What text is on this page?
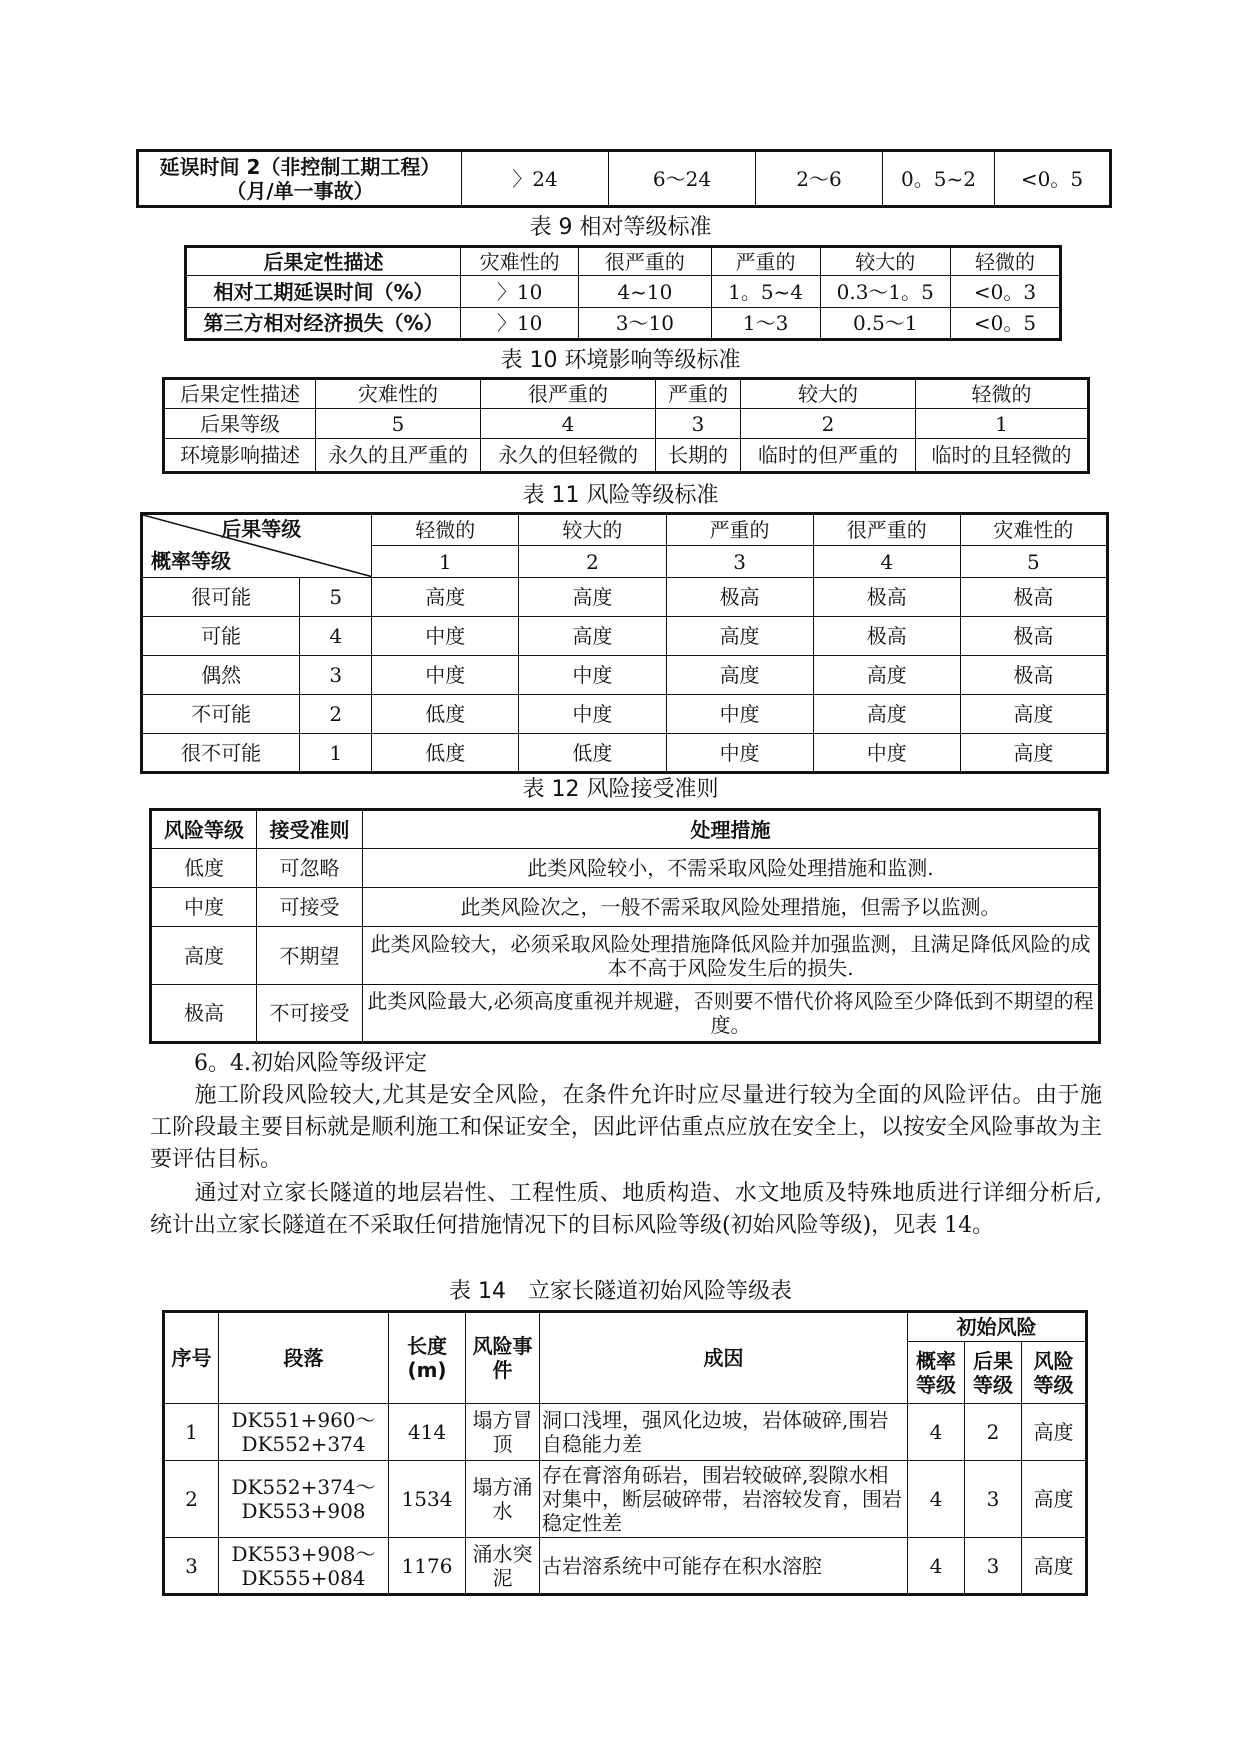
延误时间 2（非控制工期工程）
（月/单一事故）	〉24	6～24	2～6	0。5~2	<0。5
表 9 相对等级标准
后果定性描述	灾难性的	很严重的	严重的	较大的	轻微的
相对工期延误时间（%）	〉10	4~10	1。5~4	0.3～1。5	<0。3
第三方相对经济损失（%）	〉10	3～10	1～3	0.5～1	<0。5
表 10 环境影响等级标准
后果定性描述	灾难性的	很严重的	严重的	较大的	轻微的
后果等级	5	4	3	2	1
环境影响描述	永久的且严重的	永久的但轻微的	长期的	临时的但严重的	临时的且轻微的
表 11 风险等级标准
后果等级
概率等级		轻微的	较大的	严重的	很严重的	灾难性的
		1	2	3	4	5
很可能	5	高度	高度	极高	极高	极高
可能	4	中度	高度	高度	极高	极高
偶然	3	中度	中度	高度	高度	极高
不可能	2	低度	中度	中度	高度	高度
很不可能	1	低度	低度	中度	中度	高度
表 12 风险接受准则
风险等级	接受准则	处理措施
低度	可忽略	此类风险较小，不需采取风险处理措施和监测.
中度	可接受	此类风险次之，一般不需采取风险处理措施，但需予以监测。
高度	不期望	此类风险较大，必须采取风险处理措施降低风险并加强监测，且满足降低风险的成本不高于风险发生后的损失.
极高	不可接受	此类风险最大,必须高度重视并规避，否则要不惜代价将风险至少降低到不期望的程度。
6。4.初始风险等级评定

施工阶段风险较大,尤其是安全风险，在条件允许时应尽量进行较为全面的风险评估。由于施工阶段最主要目标就是顺利施工和保证安全，因此评估重点应放在安全上，以按安全风险事故为主要评估目标。

通过对立家长隧道的地层岩性、工程性质、地质构造、水文地质及特殊地质进行详细分析后,统计出立家长隧道在不采取任何措施情况下的目标风险等级(初始风险等级)，见表 14。

表 14　立家长隧道初始风险等级表
序号	段落	长度(m)	风险事件	成因	初始风险		
					概率等级	后果等级	风险等级
1	DK551+960～
DK552+374	414	塌方冒顶	洞口浅埋，强风化边坡，岩体破碎,围岩自稳能力差	4	2	高度
2	DK552+374～
DK553+908	1534	塌方涌水	存在膏溶角砾岩，围岩较破碎,裂隙水相对集中，断层破碎带，岩溶较发育，围岩稳定性差	4	3	高度
3	DK553+908～
DK555+084	1176	涌水突泥	古岩溶系统中可能存在积水溶腔	4	3	高度
